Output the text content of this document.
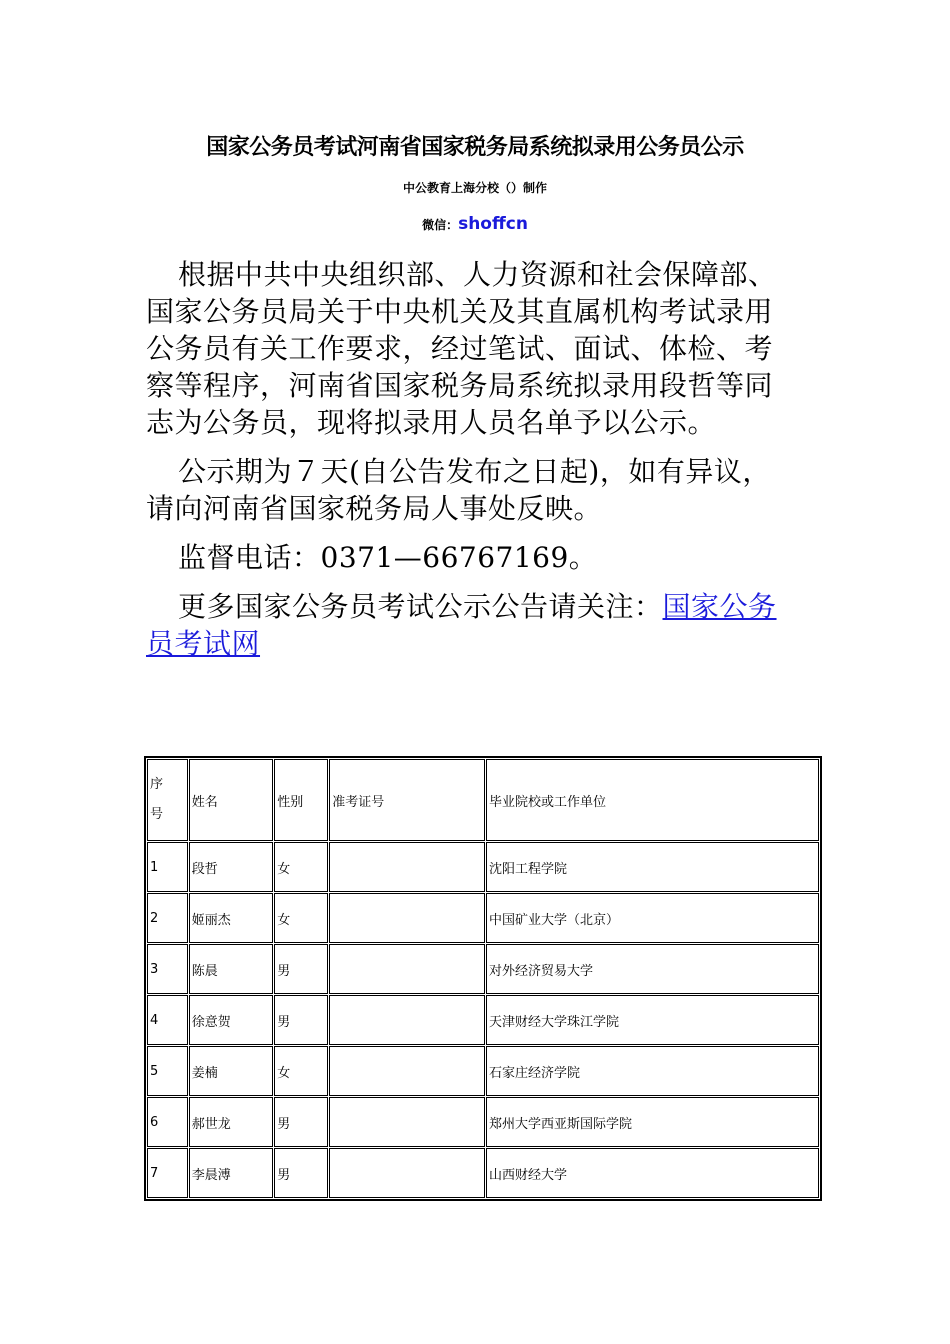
国家公务员考试河南省国家税务局系统拟录用公务员公示
中公教育上海分校（）制作
微信：shoffcn

根据中共中央组织部、人力资源和社会保障部、国家公务员局关于中央机关及其直属机构考试录用公务员有关工作要求，经过笔试、面试、体检、考察等程序，河南省国家税务局系统拟录用段哲等同志为公务员，现将拟录用人员名单予以公示。

公示期为７天(自公告发布之日起)，如有异议，请向河南省国家税务局人事处反映。

监督电话：0371—66767169。

更多国家公务员考试公示公告请关注：国家公务员考试网

序
号	姓名	性别	准考证号	毕业院校或工作单位
1	段哲	女		沈阳工程学院
2	姬丽杰	女		中国矿业大学（北京）
3	陈晨	男		对外经济贸易大学
4	徐意贺	男		天津财经大学珠江学院
5	姜楠	女		石家庄经济学院
6	郝世龙	男		郑州大学西亚斯国际学院
7	李晨溥	男		山西财经大学
